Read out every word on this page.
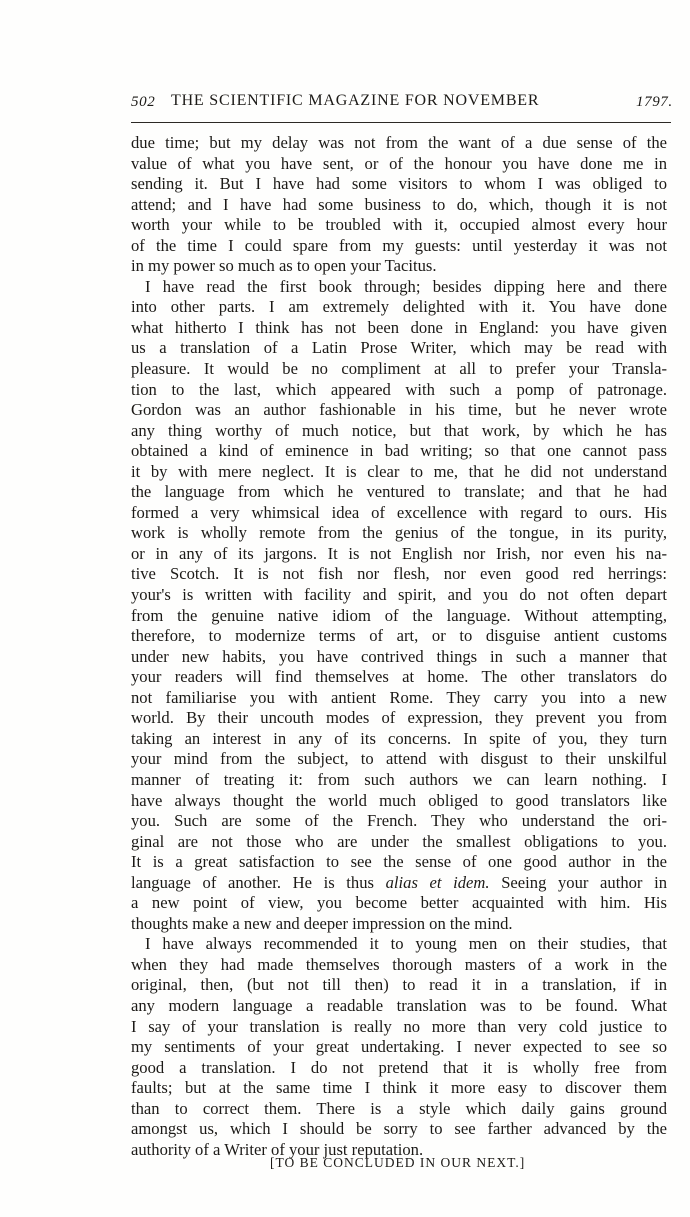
502 THE SCIENTIFIC MAGAZINE FOR NOVEMBER	1797.
due time; but my delay was not from the want of a due sense of the
value of what you have sent, or of the honour you have done me in
sending it. But I have had some visitors to whom I was obliged to
attend; and I have had some business to do, which, though it is not
worth your while to be troubled with it, occupied almost every hour
of the time I could spare from my guests: until yesterday it was not
in my power so much as to open your Tacitus.
I have read the first book through; besides dipping here and there
into other parts. I am extremely delighted with it. You have done
what hitherto I think has not been done in England: you have given
us a translation of a Latin Prose Writer, which may be read with
pleasure. It would be no compliment at all to prefer your Transla-
tion to the last, which appeared with such a pomp of patronage.
Gordon was an author fashionable in his time, but he never wrote
any thing worthy of much notice, but that work, by which he has
obtained a kind of eminence in bad writing; so that one cannot pass
it by with mere neglect. It is clear to me, that he did not understand
the language from which he ventured to translate; and that he had
formed a very whimsical idea of excellence with regard to ours. His
work is wholly remote from the genius of the tongue, in its purity,
or in any of its jargons. It is not English nor Irish, nor even his na-
tive Scotch. It is not fish nor flesh, nor even good red herrings:
your's is written with facility and spirit, and you do not often depart
from the genuine native idiom of the language. Without attempting,
therefore, to modernize terms of art, or to disguise antient customs
under new habits, you have contrived things in such a manner that
your readers will find themselves at home. The other translators do
not familiarise you with antient Rome. They carry you into a new
world. By their uncouth modes of expression, they prevent you from
taking an interest in any of its concerns. In spite of you, they turn
your mind from the subject, to attend with disgust to their unskilful
manner of treating it: from such authors we can learn nothing. I
have always thought the world much obliged to good translators like
you. Such are some of the French. They who understand the ori-
ginal are not those who are under the smallest obligations to you.
It is a great satisfaction to see the sense of one good author in the
language of another. He is thus alias et idem. Seeing your author in
a new point of view, you become better acquainted with him. His
thoughts make a new and deeper impression on the mind.
I have always recommended it to young men on their studies, that
when they had made themselves thorough masters of a work in the
original, then, (but not till then) to read it in a translation, if in
any modern language a readable translation was to be found. What
I say of your translation is really no more than very cold justice to
my sentiments of your great undertaking. I never expected to see so
good a translation. I do not pretend that it is wholly free from
faults; but at the same time I think it more easy to discover them
than to correct them. There is a style which daily gains ground
amongst us, which I should be sorry to see farther advanced by the
authority of a Writer of your just reputation.
[TO BE CONCLUDED IN OUR NEXT.]
